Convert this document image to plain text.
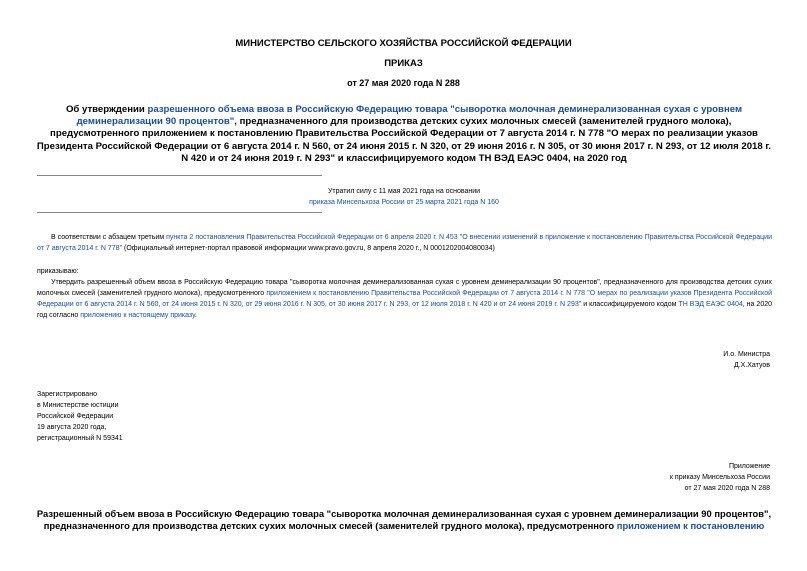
МИНИСТЕРСТВО СЕЛЬСКОГО ХОЗЯЙСТВА РОССИЙСКОЙ ФЕДЕРАЦИИ
ПРИКАЗ
от 27 мая 2020 года N 288
Об утверждении разрешенного объема ввоза в Российскую Федерацию товара "сыворотка молочная деминерализованная сухая с уровнем деминерализации 90 процентов", предназначенного для производства детских сухих молочных смесей (заменителей грудного молока), предусмотренного приложением к постановлению Правительства Российской Федерации от 7 августа 2014 г. N 778 "О мерах по реализации указов Президента Российской Федерации от 6 августа 2014 г. N 560, от 24 июня 2015 г. N 320, от 29 июня 2016 г. N 305, от 30 июня 2017 г. N 293, от 12 июля 2018 г. N 420 и от 24 июня 2019 г. N 293" и классифицируемого кодом ТН ВЭД ЕАЭС 0404, на 2020 год
Утратил силу с 11 мая 2021 года на основании
приказа Минсельхоза России от 25 марта 2021 года N 160
В соответствии с абзацем третьим пункта 2 постановления Правительства Российской Федерации от 6 апреля 2020 г. N 453 "О внесении изменений в приложение к постановлению Правительства Российской Федерации от 7 августа 2014 г. N 778" (Официальный интернет-портал правовой информации www.pravo.gov.ru, 8 апреля 2020 г., N 0001202004080034)
приказываю:
Утвердить разрешенный объем ввоза в Российскую Федерацию товара "сыворотка молочная деминерализованная сухая с уровнем деминерализации 90 процентов", предназначенного для производства детских сухих молочных смесей (заменителей грудного молока), предусмотренного приложением к постановлению Правительства Российской Федерации от 7 августа 2014 г. N 778 "О мерах по реализации указов Президента Российской Федерации от 6 августа 2014 г. N 560, от 24 июня 2015 г. N 320, от 29 июня 2016 г. N 305, от 30 июня 2017 г. N 293, от 12 июля 2018 г. N 420 и от 24 июня 2019 г. N 293" и классифицируемого кодом ТН ВЭД ЕАЭС 0404, на 2020 год согласно приложению к настоящему приказу.
И.о. Министра
Д.Х.Хатуов
Зарегистрировано
в Министерстве юстиции
Российской Федерации
19 августа 2020 года,
регистрационный N 59341
Приложение
к приказу Минсельхоза России
от 27 мая 2020 года N 288
Разрешенный объем ввоза в Российскую Федерацию товара "сыворотка молочная деминерализованная сухая с уровнем деминерализации 90 процентов", предназначенного для производства детских сухих молочных смесей (заменителей грудного молока), предусмотренного приложением к постановлению
